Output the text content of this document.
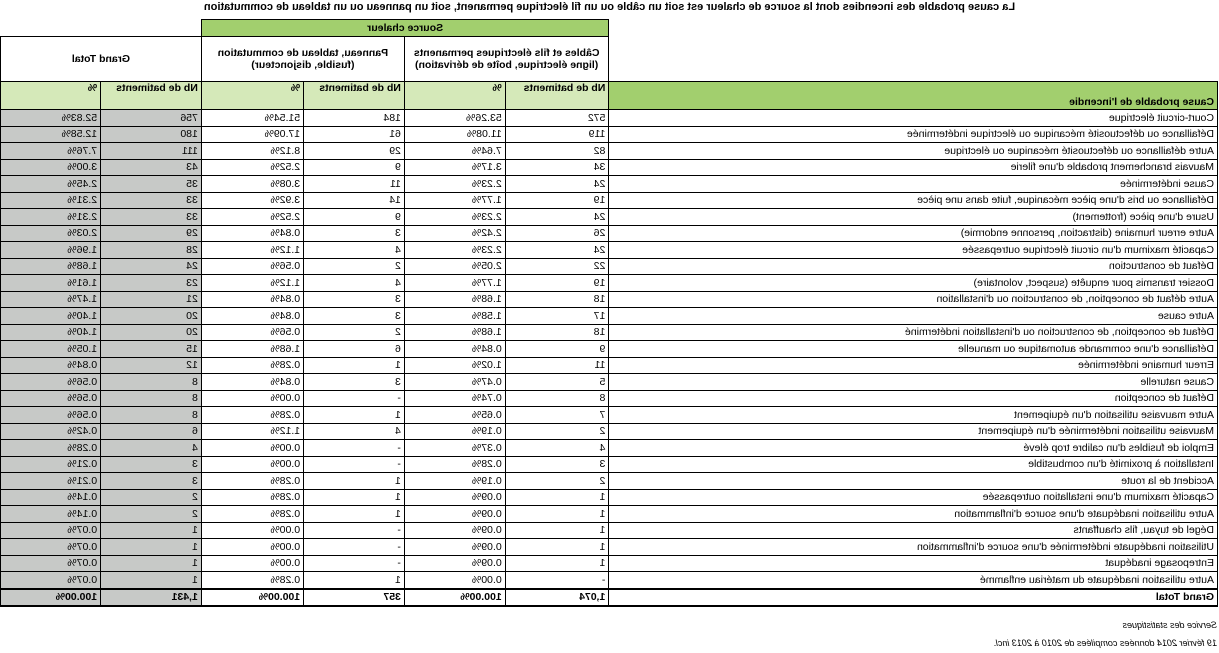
La cause probable des incendies dont la source de chaleur est soit un câble ou un fil électrique permanent, soit un panneau ou un tableau de commutation
	Source chaleur					
	Câbles et fils électriques permanents (ligne électrique, boîte de dérivation)		Panneau, tableau de commutation (fusible, disjoncteur)		Grand Total	
Cause probable de l'incendie	Nb de batiments	%	Nb de batiments	%	Nb de batiments	%
Court-circuit électrique	572	53.26%	184	51.54%	756	52.83%
Défaillance ou défectuosité mécanique ou électrique indéterminée	119	11.08%	61	17.09%	180	12.58%
Autre défaillance ou défectuosité mécanique ou électrique	82	7.64%	29	8.12%	111	7.76%
Mauvais branchement probable d'une filerie	34	3.17%	9	2.52%	43	3.00%
Cause indéterminée	24	2.23%	11	3.08%	35	2.45%
Défaillance ou bris d'une pièce mécanique, fuite dans une pièce	19	1.77%	14	3.92%	33	2.31%
Usure d'une pièce (frottement)	24	2.23%	9	2.52%	33	2.31%
Autre erreur humaine (distraction, personne endormie)	26	2.42%	3	0.84%	29	2.03%
Capacité maximum d'un circuit électrique outrepassée	24	2.23%	4	1.12%	28	1.96%
Défaut de construction	22	2.05%	2	0.56%	24	1.68%
Dossier transmis pour enquête (suspect, volontaire)	19	1.77%	4	1.12%	23	1.61%
Autre défaut de conception, de construction ou d'installation	18	1.68%	3	0.84%	21	1.47%
Autre cause	17	1.58%	3	0.84%	20	1.40%
Défaut de conception, de construction ou d'installation indéterminé	18	1.68%	2	0.56%	20	1.40%
Défaillance d'une commande automatique ou manuelle	9	0.84%	6	1.68%	15	1.05%
Erreur humaine indéterminée	11	1.02%	1	0.28%	12	0.84%
Cause naturelle	5	0.47%	3	0.84%	8	0.56%
Défaut de conception	8	0.74%	-	0.00%	8	0.56%
Autre mauvaise utilisation d'un équipement	7	0.65%	1	0.28%	8	0.56%
Mauvaise utilisation indéterminée d'un équipement	2	0.19%	4	1.12%	6	0.42%
Emploi de fusibles d'un calibre trop élevé	4	0.37%	-	0.00%	4	0.28%
Installation à proximité d'un combustible	3	0.28%	-	0.00%	3	0.21%
Accident de la route	2	0.19%	1	0.28%	3	0.21%
Capacité maximum d'une installation outrepassée	1	0.09%	1	0.28%	2	0.14%
Autre utilisation inadéquate d'une source d'inflammation	1	0.09%	1	0.28%	2	0.14%
Dégel de tuyau, fils chauffants	1	0.09%	-	0.00%	1	0.07%
Utilisation inadéquate indéterminée d'une source d'inflammation	1	0.09%	-	0.00%	1	0.07%
Entreposage inadéquat	1	0.09%	-	0.00%	1	0.07%
Autre utilisation inadéquate du matériau enflammé	-	0.00%	1	0.28%	1	0.07%
Grand Total	1,074	100.00%	357	100.00%	1,431	100.00%
Service des statistiques
19 février 2014 données compilées de 2010 à 2013 incl.
